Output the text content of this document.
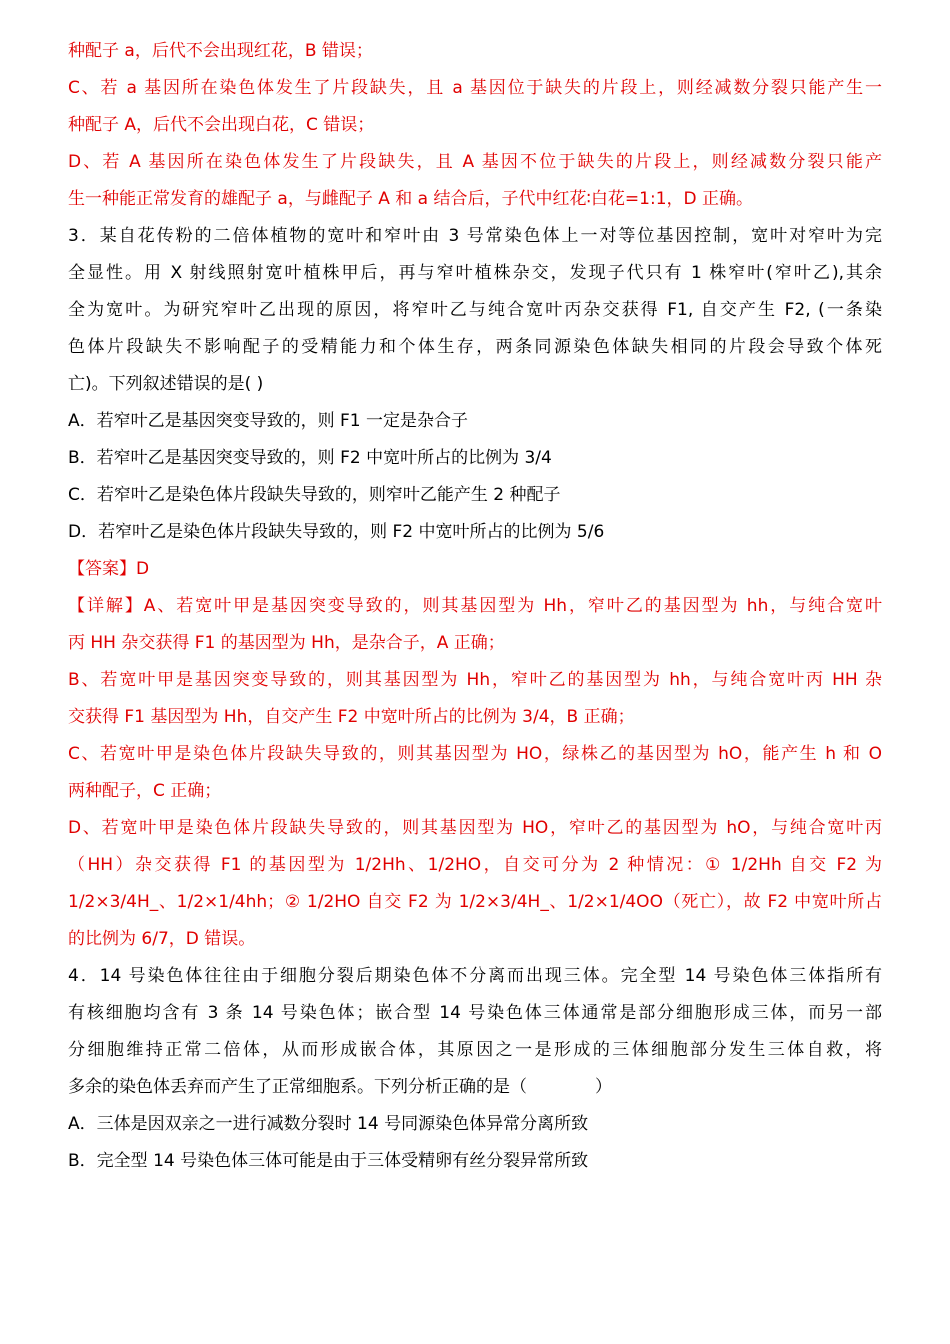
种配子 a，后代不会出现红花，B 错误；
C、若 a 基因所在染色体发生了片段缺失，且 a 基因位于缺失的片段上，则经减数分裂只能产生一
种配子 A，后代不会出现白花，C 错误；
D、若 A 基因所在染色体发生了片段缺失，且 A 基因不位于缺失的片段上，则经减数分裂只能产
生一种能正常发育的雄配子 a，与雌配子 A 和 a 结合后，子代中红花∶白花=1:1，D 正确。
3．某自花传粉的二倍体植物的宽叶和窄叶由 3 号常染色体上一对等位基因控制，宽叶对窄叶为完
全显性。用 X 射线照射宽叶植株甲后，再与窄叶植株杂交，发现子代只有 1 株窄叶(窄叶乙),其余
全为宽叶。为研究窄叶乙出现的原因，将窄叶乙与纯合宽叶丙杂交获得 F1, 自交产生 F2, (一条染
色体片段缺失不影响配子的受精能力和个体生存，两条同源染色体缺失相同的片段会导致个体死
亡)。下列叙述错误的是( )
A．若窄叶乙是基因突变导致的，则 F1 一定是杂合子
B．若窄叶乙是基因突变导致的，则 F2 中宽叶所占的比例为 3/4
C．若窄叶乙是染色体片段缺失导致的，则窄叶乙能产生 2 种配子
D．若窄叶乙是染色体片段缺失导致的，则 F2 中宽叶所占的比例为 5/6
【答案】D
【详解】A、若宽叶甲是基因突变导致的，则其基因型为 Hh，窄叶乙的基因型为 hh，与纯合宽叶
丙 HH 杂交获得 F1 的基因型为 Hh，是杂合子，A 正确；
B、若宽叶甲是基因突变导致的，则其基因型为 Hh，窄叶乙的基因型为 hh，与纯合宽叶丙 HH 杂
交获得 F1 基因型为 Hh，自交产生 F2 中宽叶所占的比例为 3/4，B 正确；
C、若宽叶甲是染色体片段缺失导致的，则其基因型为 HO，绿株乙的基因型为 hO，能产生 h 和 O
两种配子，C 正确；
D、若宽叶甲是染色体片段缺失导致的，则其基因型为 HO，窄叶乙的基因型为 hO，与纯合宽叶丙
（HH）杂交获得 F1 的基因型为 1/2Hh、1/2HO，自交可分为 2 种情况：① 1/2Hh 自交 F2 为
1/2×3/4H_、1/2×1/4hh；② 1/2HO 自交 F2 为 1/2×3/4H_、1/2×1/4OO（死亡），故 F2 中宽叶所占
的比例为 6/7，D 错误。
4．14 号染色体往往由于细胞分裂后期染色体不分离而出现三体。完全型 14 号染色体三体指所有
有核细胞均含有 3 条 14 号染色体；嵌合型 14 号染色体三体通常是部分细胞形成三体，而另一部
分细胞维持正常二倍体，从而形成嵌合体，其原因之一是形成的三体细胞部分发生三体自救，将
多余的染色体丢弃而产生了正常细胞系。下列分析正确的是（　　　　）
A．三体是因双亲之一进行减数分裂时 14 号同源染色体异常分离所致
B．完全型 14 号染色体三体可能是由于三体受精卵有丝分裂异常所致
